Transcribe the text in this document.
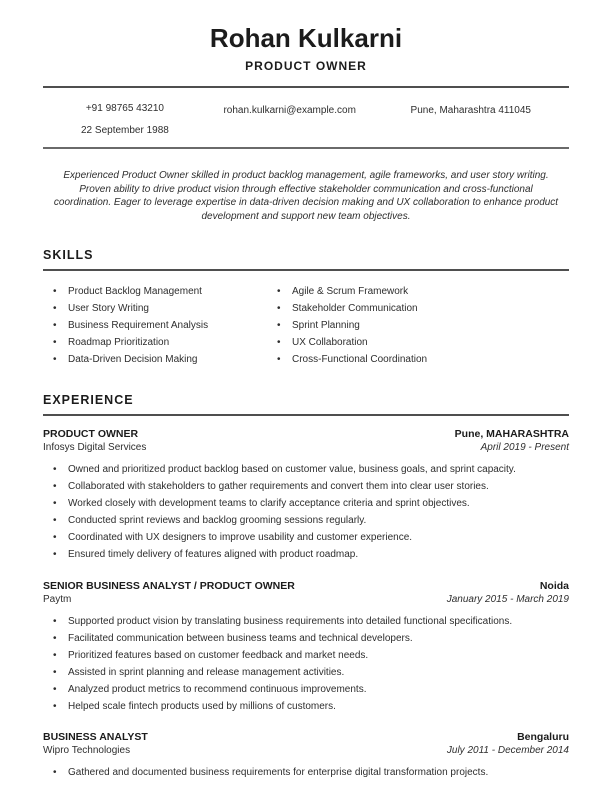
Rohan Kulkarni
PRODUCT OWNER
+91 98765 43210
22 September 1988
rohan.kulkarni@example.com	Pune, Maharashtra 411045
Experienced Product Owner skilled in product backlog management, agile frameworks, and user story writing. Proven ability to drive product vision through effective stakeholder communication and cross-functional coordination. Eager to leverage expertise in data-driven decision making and UX collaboration to enhance product development and support new team objectives.
SKILLS
• Product Backlog Management
• User Story Writing
• Business Requirement Analysis
• Roadmap Prioritization
• Data-Driven Decision Making
• Agile & Scrum Framework
• Stakeholder Communication
• Sprint Planning
• UX Collaboration
• Cross-Functional Coordination
EXPERIENCE
PRODUCT OWNER	Pune, MAHARASHTRA
Infosys Digital Services	April 2019 - Present
• Owned and prioritized product backlog based on customer value, business goals, and sprint capacity.
• Collaborated with stakeholders to gather requirements and convert them into clear user stories.
• Worked closely with development teams to clarify acceptance criteria and sprint objectives.
• Conducted sprint reviews and backlog grooming sessions regularly.
• Coordinated with UX designers to improve usability and customer experience.
• Ensured timely delivery of features aligned with product roadmap.
SENIOR BUSINESS ANALYST / PRODUCT OWNER	Noida
Paytm	January 2015 - March 2019
• Supported product vision by translating business requirements into detailed functional specifications.
• Facilitated communication between business teams and technical developers.
• Prioritized features based on customer feedback and market needs.
• Assisted in sprint planning and release management activities.
• Analyzed product metrics to recommend continuous improvements.
• Helped scale fintech products used by millions of customers.
BUSINESS ANALYST	Bengaluru
Wipro Technologies	July 2011 - December 2014
• Gathered and documented business requirements for enterprise digital transformation projects.
